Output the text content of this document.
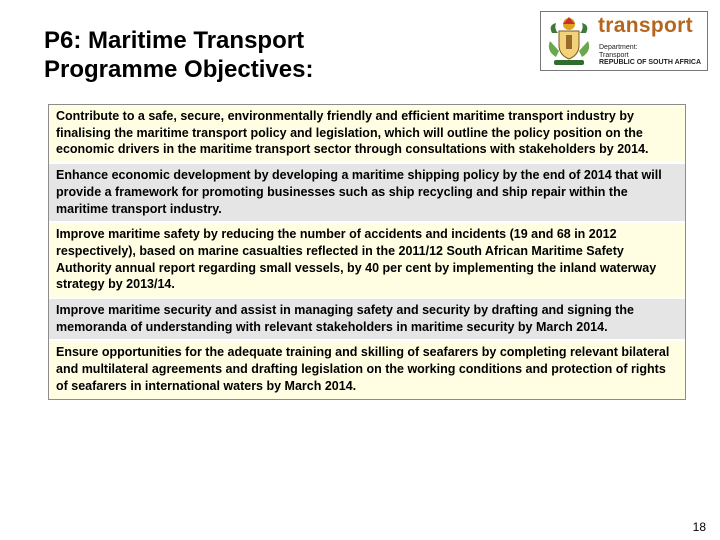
P6: Maritime Transport
Programme Objectives:
transport
Department:
Transport
REPUBLIC OF SOUTH AFRICA
Contribute to a safe, secure, environmentally friendly and efficient maritime transport industry by finalising the maritime transport policy and legislation, which will outline the policy position on the economic drivers in the maritime transport sector through consultations with stakeholders by 2014.
Enhance economic development by developing a maritime shipping policy by the end of 2014 that will provide a framework for promoting businesses such as ship recycling and ship repair within the maritime transport industry.
Improve maritime safety by reducing the number of accidents and incidents (19 and 68 in 2012 respectively), based on marine casualties reflected in the 2011/12 South African Maritime Safety Authority annual report regarding small vessels, by 40 per cent by implementing the inland waterway strategy by 2013/14.
Improve maritime security and assist in managing safety and security by drafting and signing the memoranda of understanding with relevant stakeholders in maritime security by March 2014.
Ensure opportunities for the adequate training and skilling of seafarers by completing relevant bilateral and multilateral agreements and drafting legislation on the working conditions and protection of rights of seafarers in international waters by March 2014.
18
